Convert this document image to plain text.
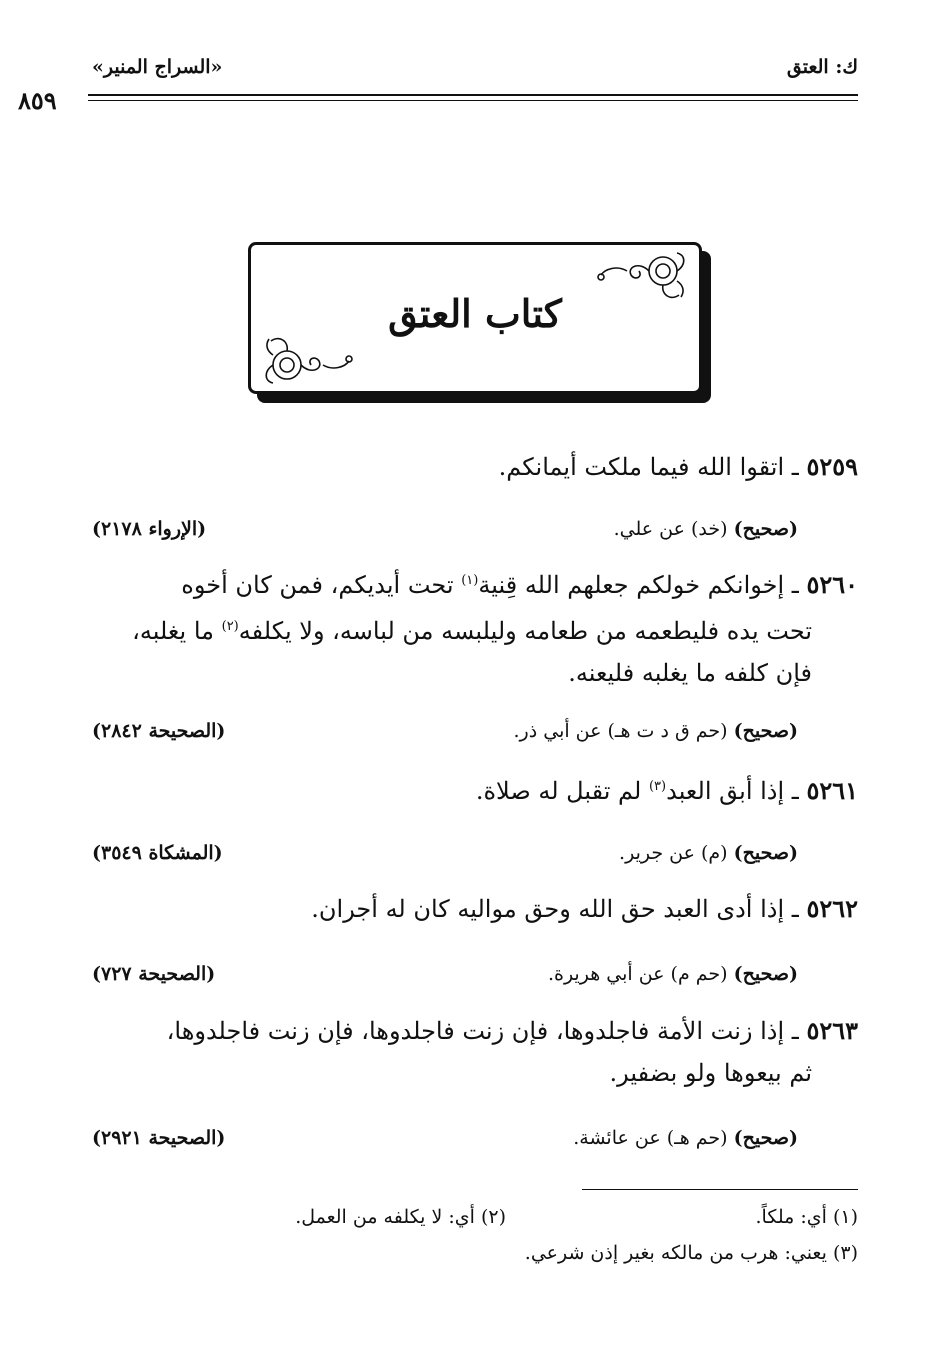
ك: العتق
«السراج المنير»
٨٥٩
كتاب العتق
٥٢٥٩ ـ اتقوا الله فيما ملكت أيمانكم.
(صحيح) (خد) عن علي.
(الإرواء ٢١٧٨)
٥٢٦٠ ـ إخوانكم خولكم جعلهم الله قِنية$^{(١)}$ تحت أيديكم، فمن كان أخوه
تحت يده فليطعمه من طعامه وليلبسه من لباسه، ولا يكلفه$^{(٢)}$ ما يغلبه،
فإن كلفه ما يغلبه فليعنه.
(صحيح) (حم ق د ت هـ) عن أبي ذر.
(الصحيحة ٢٨٤٢)
٥٢٦١ ـ إذا أبق العبد$^{(٣)}$ لم تقبل له صلاة.
(صحيح) (م) عن جرير.
(المشكاة ٣٥٤٩)
٥٢٦٢ ـ إذا أدى العبد حق الله وحق مواليه كان له أجران.
(صحيح) (حم م) عن أبي هريرة.
(الصحيحة ٧٢٧)
٥٢٦٣ ـ إذا زنت الأمة فاجلدوها، فإن زنت فاجلدوها، فإن زنت فاجلدوها،
ثم بيعوها ولو بضفير.
(صحيح) (حم هـ) عن عائشة.
(الصحيحة ٢٩٢١)
(١) أي: ملكاً.
(٢) أي: لا يكلفه من العمل.
(٣) يعني: هرب من مالكه بغير إذن شرعي.
